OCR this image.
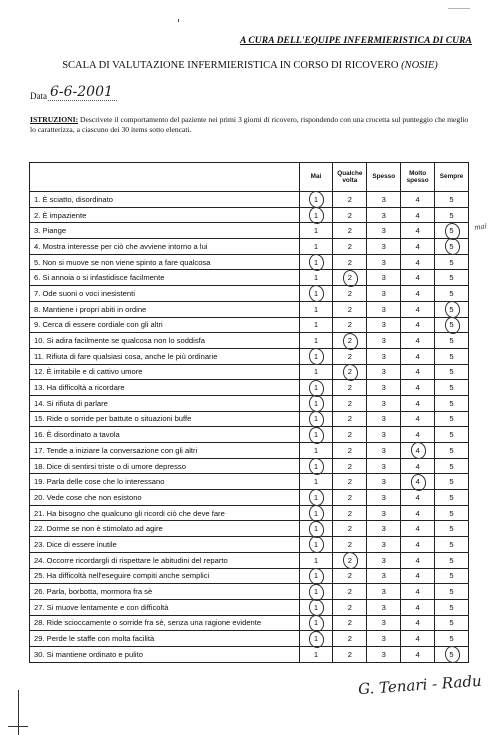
A CURA DELL'EQUIPE INFERMIERISTICA DI CURA
SCALA DI VALUTAZIONE INFERMIERISTICA IN CORSO DI RICOVERO (NOSIE)
Data 6-6-2001
ISTRUZIONI: Descrivete il comportamento del paziente nei primi 3 giorni di ricovero, rispondendo con una crocetta sul punteggio che meglio lo caratterizza, a ciascuno dei 30 items sotto elencati.
	Mai	Qualche volta	Spesso	Molto spesso	Sempre
1. È sciatto, disordinato	1	2	3	4	5
2. È impaziente	1	2	3	4	5
3. Piange	1	2	3	4	5

4. Mostra interesse per ciò che avviene intorno a lui	1	2	3	4	5

5. Non si muove se non viene spinto a fare qualcosa	1	2	3	4	5
6. Si annoia o si infastidisce facilmente	1	2	3	4	5
7. Ode suoni o voci inesistenti	1	2	3	4	5
8. Mantiene i propri abiti in ordine	1	2	3	4	5

9. Cerca di essere cordiale con gli altri	1	2	3	4	5

10. Si adira facilmente se qualcosa non lo soddisfa	1	2	3	4	5
11. Rifiuta di fare qualsiasi cosa, anche le più ordinarie	1	2	3	4	5
12. È irritabile e di cattivo umore	1	2	3	4	5
13. Ha difficoltà a ricordare	1	2	3	4	5
14. Si rifiuta di parlare	1	2	3	4	5
15. Ride o sorride per battute o situazioni buffe	1	2	3	4	5
16. È disordinato a tavola	1	2	3	4	5
17. Tende a iniziare la conversazione con gli altri	1	2	3	4	5
18. Dice di sentirsi triste o di umore depresso	1	2	3	4	5
19. Parla delle cose che lo interessano	1	2	3	4	5
20. Vede cose che non esistono	1	2	3	4	5
21. Ha bisogno che qualcuno gli ricordi ciò che deve fare	1	2	3	4	5
22. Dorme se non è stimolato ad agire	1	2	3	4	5
23. Dice di essere inutile	1	2	3	4	5
24. Occorre ricordargli di rispettare le abitudini del reparto	1	2	3	4	5
25. Ha difficoltà nell'eseguire compiti anche semplici	1	2	3	4	5
26. Parla, borbotta, mormora fra sè	1	2	3	4	5
27. Si muove lentamente e con difficoltà	1	2	3	4	5
28. Ride scioccamente o sorride fra sè, senza una ragione evidente	1	2	3	4	5
29. Perde le staffe con molta facilità	1	2	3	4	5
30. Si mantiene ordinato e pulito	1	2	3	4	5
mai
G. Tenari - Radu
